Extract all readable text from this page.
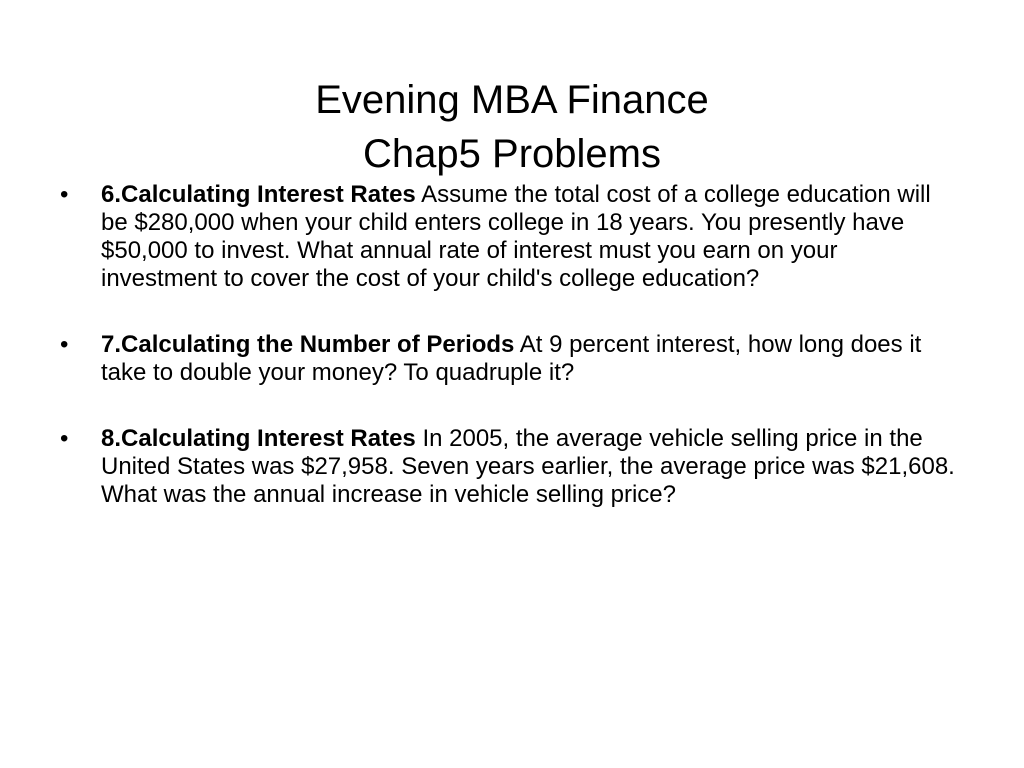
Evening MBA Finance
Chap5 Problems
•	6.Calculating Interest Rates Assume the total cost of a college education will be $280,000 when your child enters college in 18 years. You presently have $50,000 to invest. What annual rate of interest must you earn on your investment to cover the cost of your child's college education?
•	7.Calculating the Number of Periods At 9 percent interest, how long does it take to double your money? To quadruple it?
•	8.Calculating Interest Rates In 2005, the average vehicle selling price in the United States was $27,958. Seven years earlier, the average price was $21,608. What was the annual increase in vehicle selling price?
